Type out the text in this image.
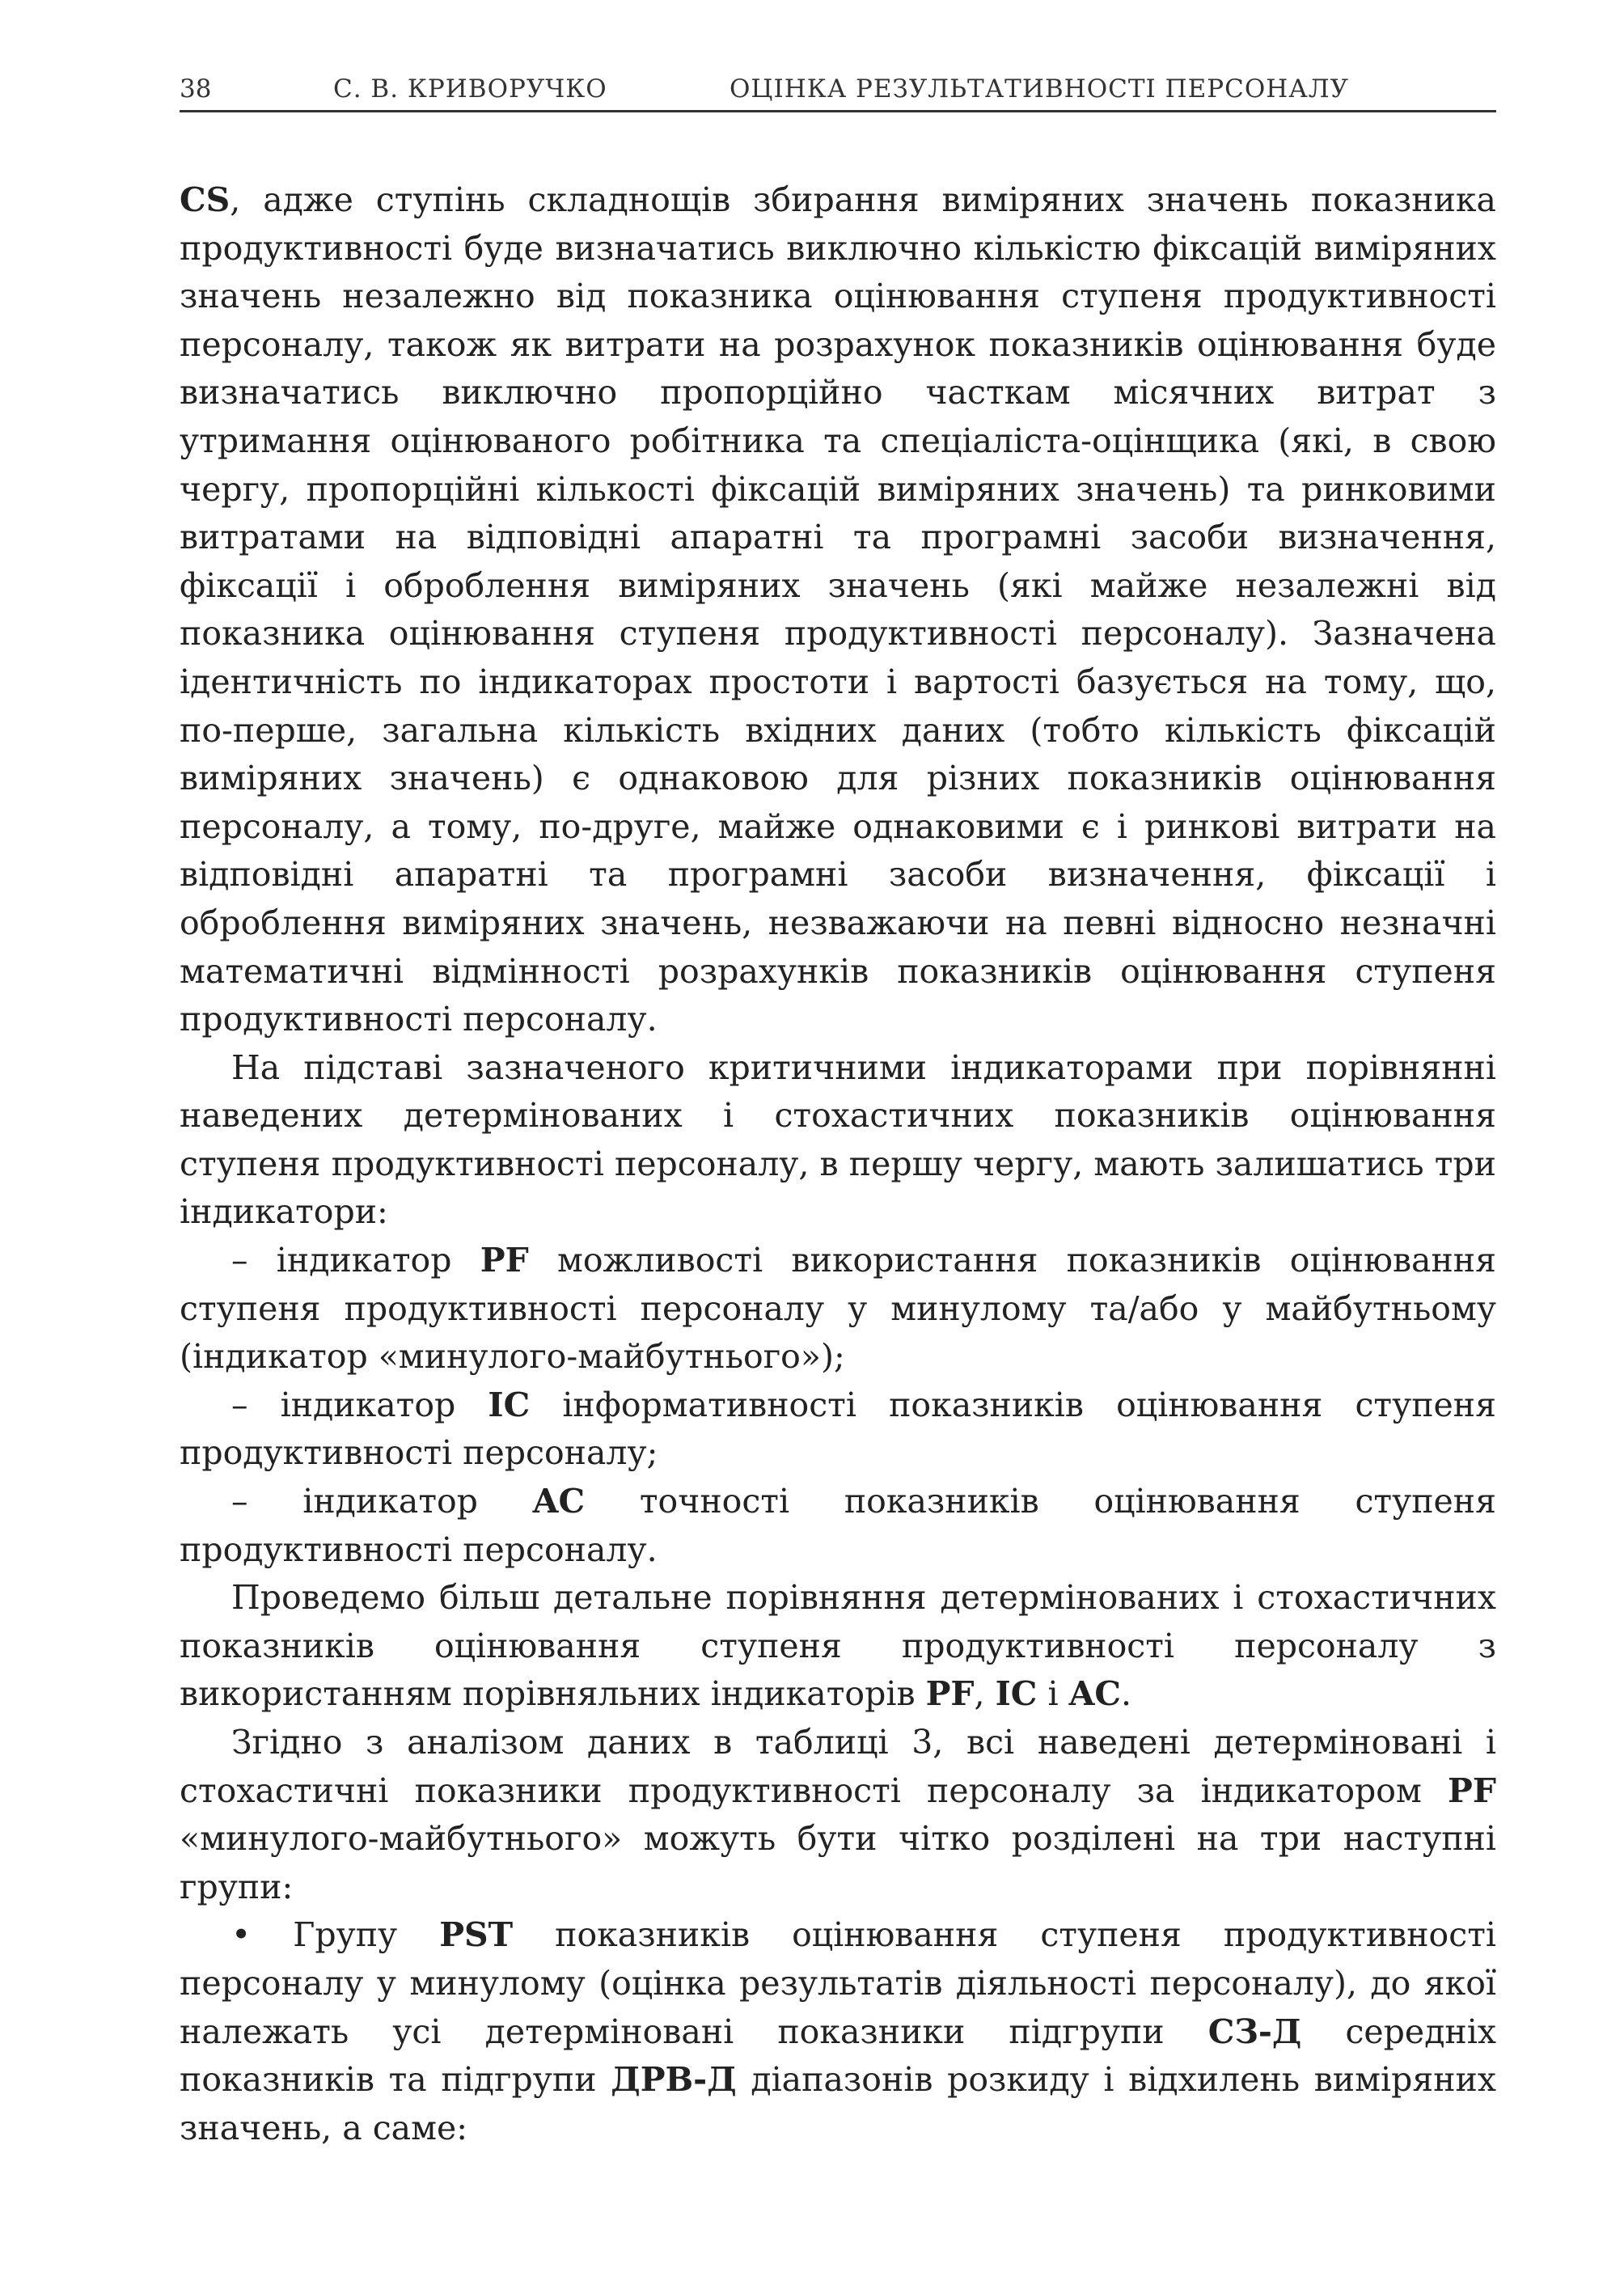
38	С. В. КРИВОРУЧКО	ОЦІНКА РЕЗУЛЬТАТИВНОСТІ ПЕРСОНАЛУ

CS, адже ступінь складнощів збирання виміряних значень показника продуктивності буде визначатись виключно кількістю фіксацій виміряних значень незалежно від показника оцінювання ступеня продуктивності персоналу, також як витрати на розрахунок показників оцінювання буде визначатись виключно пропорційно часткам місячних витрат з утримання оцінюваного робітника та спеціаліста-оцінщика (які, в свою чергу, пропорційні кількості фіксацій виміряних значень) та ринковими витратами на відповідні апаратні та програмні засоби визначення, фіксації і оброблення виміряних значень (які майже незалежні від показника оцінювання ступеня продуктивності персоналу). Зазначена ідентичність по індикаторах простоти і вартості базується на тому, що, по-перше, загальна кількість вхідних даних (тобто кількість фіксацій виміряних значень) є однаковою для різних показників оцінювання персоналу, а тому, по-друге, майже однаковими є і ринкові витрати на відповідні апаратні та програмні засоби визначення, фіксації і оброблення виміряних значень, незважаючи на певні відносно незначні математичні відмінності розрахунків показників оцінювання ступеня продуктивності персоналу.

На підставі зазначеного критичними індикаторами при порівнянні наведених детермінованих і стохастичних показників оцінювання ступеня продуктивності персоналу, в першу чергу, мають залишатись три індикатори:

– індикатор PF можливості використання показників оцінювання ступеня продуктивності персоналу у минулому та/або у майбутньому (індикатор «минулого-майбутнього»);

– індикатор IC інформативності показників оцінювання ступеня продуктивності персоналу;

– індикатор AC точності показників оцінювання ступеня продуктивності персоналу.

Проведемо більш детальне порівняння детермінованих і стохастичних показників оцінювання ступеня продуктивності персоналу з використанням порівняльних індикаторів PF, IC і AC.

Згідно з аналізом даних в таблиці 3, всі наведені детерміновані і стохастичні показники продуктивності персоналу за індикатором PF «минулого-майбутнього» можуть бути чітко розділені на три наступні групи:

• Групу PST показників оцінювання ступеня продуктивності персоналу у минулому (оцінка результатів діяльності персоналу), до якої належать усі детерміновані показники підгрупи СЗ-Д середніх показників та підгрупи ДРВ-Д діапазонів розкиду і відхилень виміряних значень, а саме:
